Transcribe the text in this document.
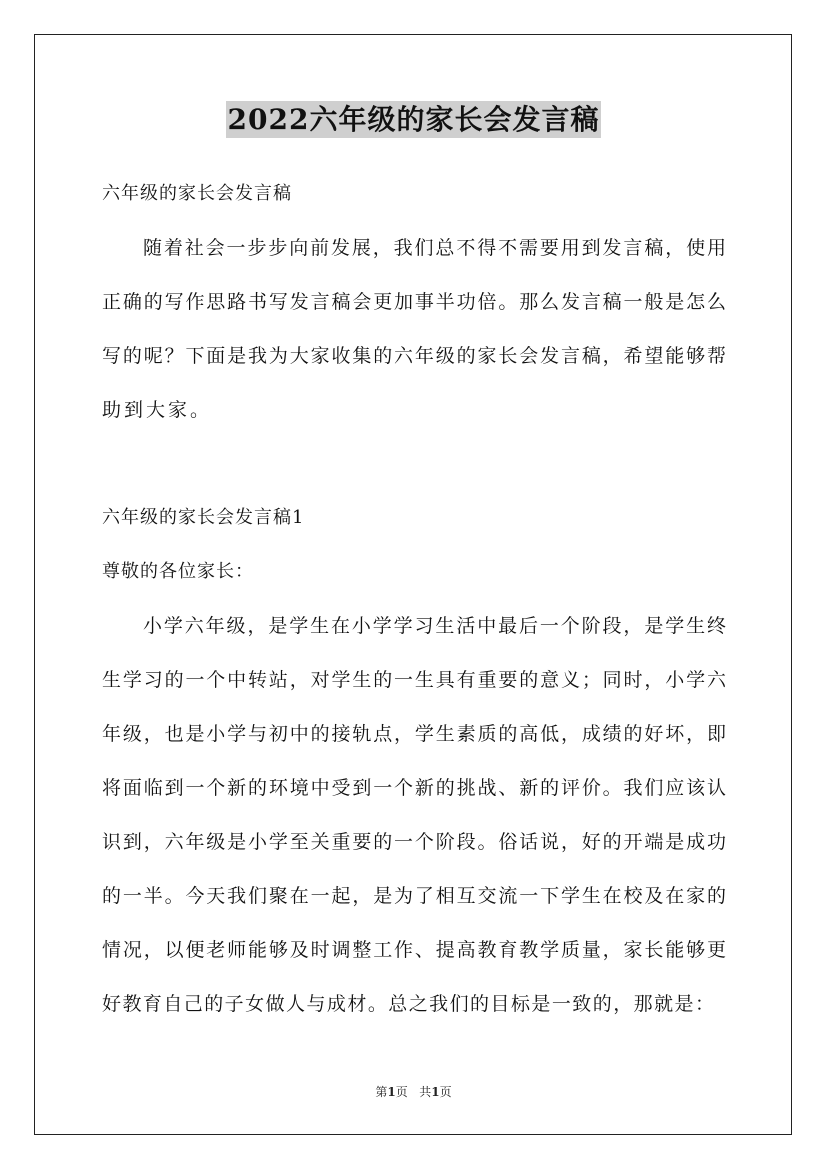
2022六年级的家长会发言稿
六年级的家长会发言稿
随着社会一步步向前发展，我们总不得不需要用到发言稿，使用
正确的写作思路书写发言稿会更加事半功倍。那么发言稿一般是怎么
写的呢？下面是我为大家收集的六年级的家长会发言稿，希望能够帮
助到大家。
六年级的家长会发言稿1
尊敬的各位家长：
小学六年级，是学生在小学学习生活中最后一个阶段，是学生终
生学习的一个中转站，对学生的一生具有重要的意义；同时，小学六
年级，也是小学与初中的接轨点，学生素质的高低，成绩的好坏，即
将面临到一个新的环境中受到一个新的挑战、新的评价。我们应该认
识到，六年级是小学至关重要的一个阶段。俗话说，好的开端是成功
的一半。今天我们聚在一起，是为了相互交流一下学生在校及在家的
情况，以便老师能够及时调整工作、提高教育教学质量，家长能够更
好教育自己的子女做人与成材。总之我们的目标是一致的，那就是：
第1页 共1页
